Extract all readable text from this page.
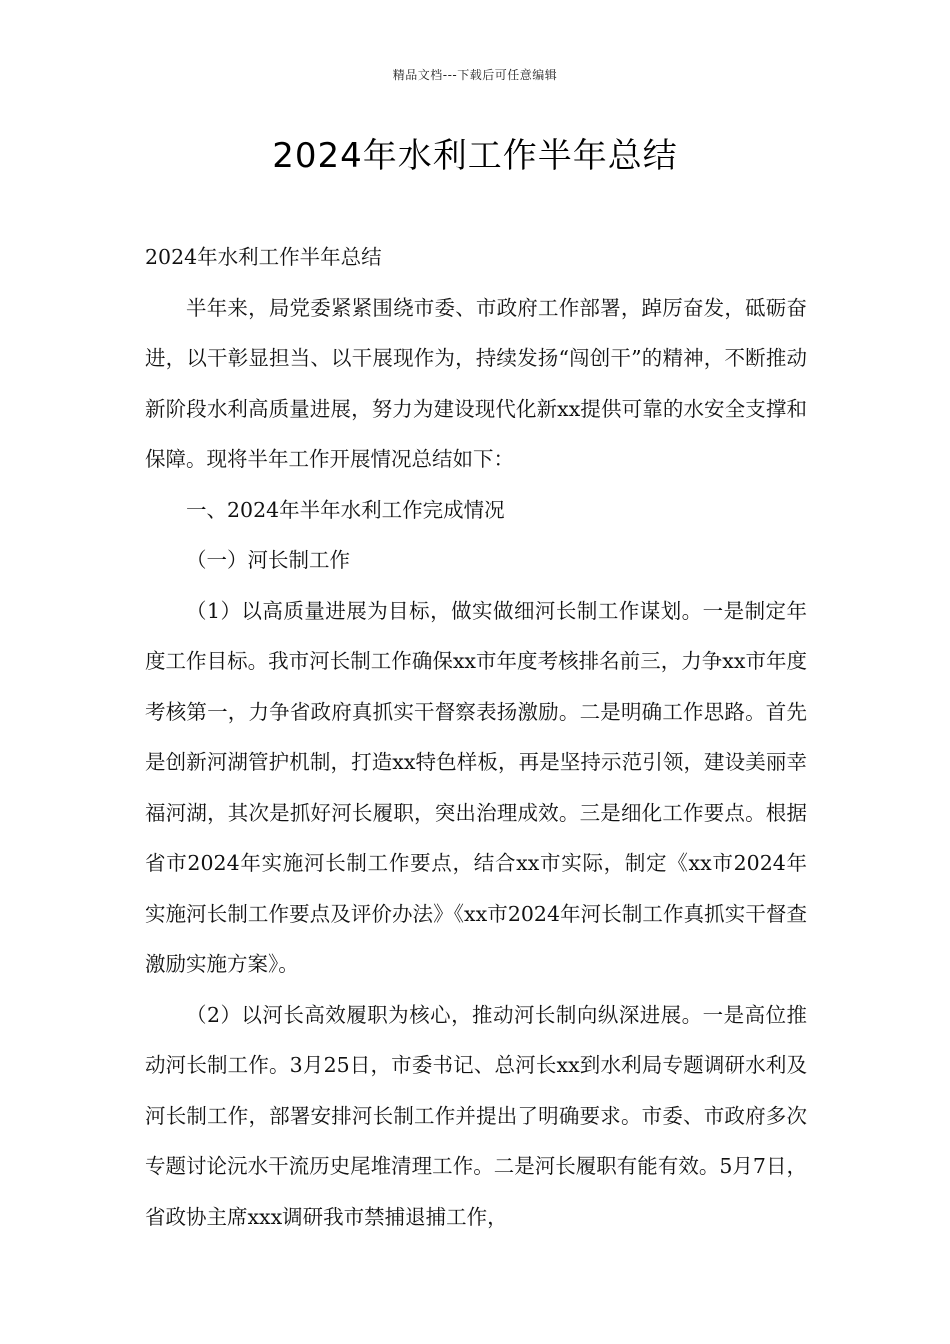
精品文档---下载后可任意编辑
2024年水利工作半年总结

2024年水利工作半年总结

半年来，局党委紧紧围绕市委、市政府工作部署，踔厉奋发，砥砺奋进，以干彰显担当、以干展现作为，持续发扬“闯创干”的精神，不断推动新阶段水利高质量进展，努力为建设现代化新xx提供可靠的水安全支撑和保障。现将半年工作开展情况总结如下：

一、2024年半年水利工作完成情况

（一）河长制工作

（1）以高质量进展为目标，做实做细河长制工作谋划。一是制定年度工作目标。我市河长制工作确保xx市年度考核排名前三，力争xx市年度考核第一，力争省政府真抓实干督察表扬激励。二是明确工作思路。首先是创新河湖管护机制，打造xx特色样板，再是坚持示范引领，建设美丽幸福河湖，其次是抓好河长履职，突出治理成效。三是细化工作要点。根据省市2024年实施河长制工作要点，结合xx市实际，制定《xx市2024年实施河长制工作要点及评价办法》《xx市2024年河长制工作真抓实干督查激励实施方案》。

（2）以河长高效履职为核心，推动河长制向纵深进展。一是高位推动河长制工作。3月25日，市委书记、总河长xx到水利局专题调研水利及河长制工作，部署安排河长制工作并提出了明确要求。市委、市政府多次专题讨论沅水干流历史尾堆清理工作。二是河长履职有能有效。5月7日，省政协主席xxx调研我市禁捕退捕工作，
